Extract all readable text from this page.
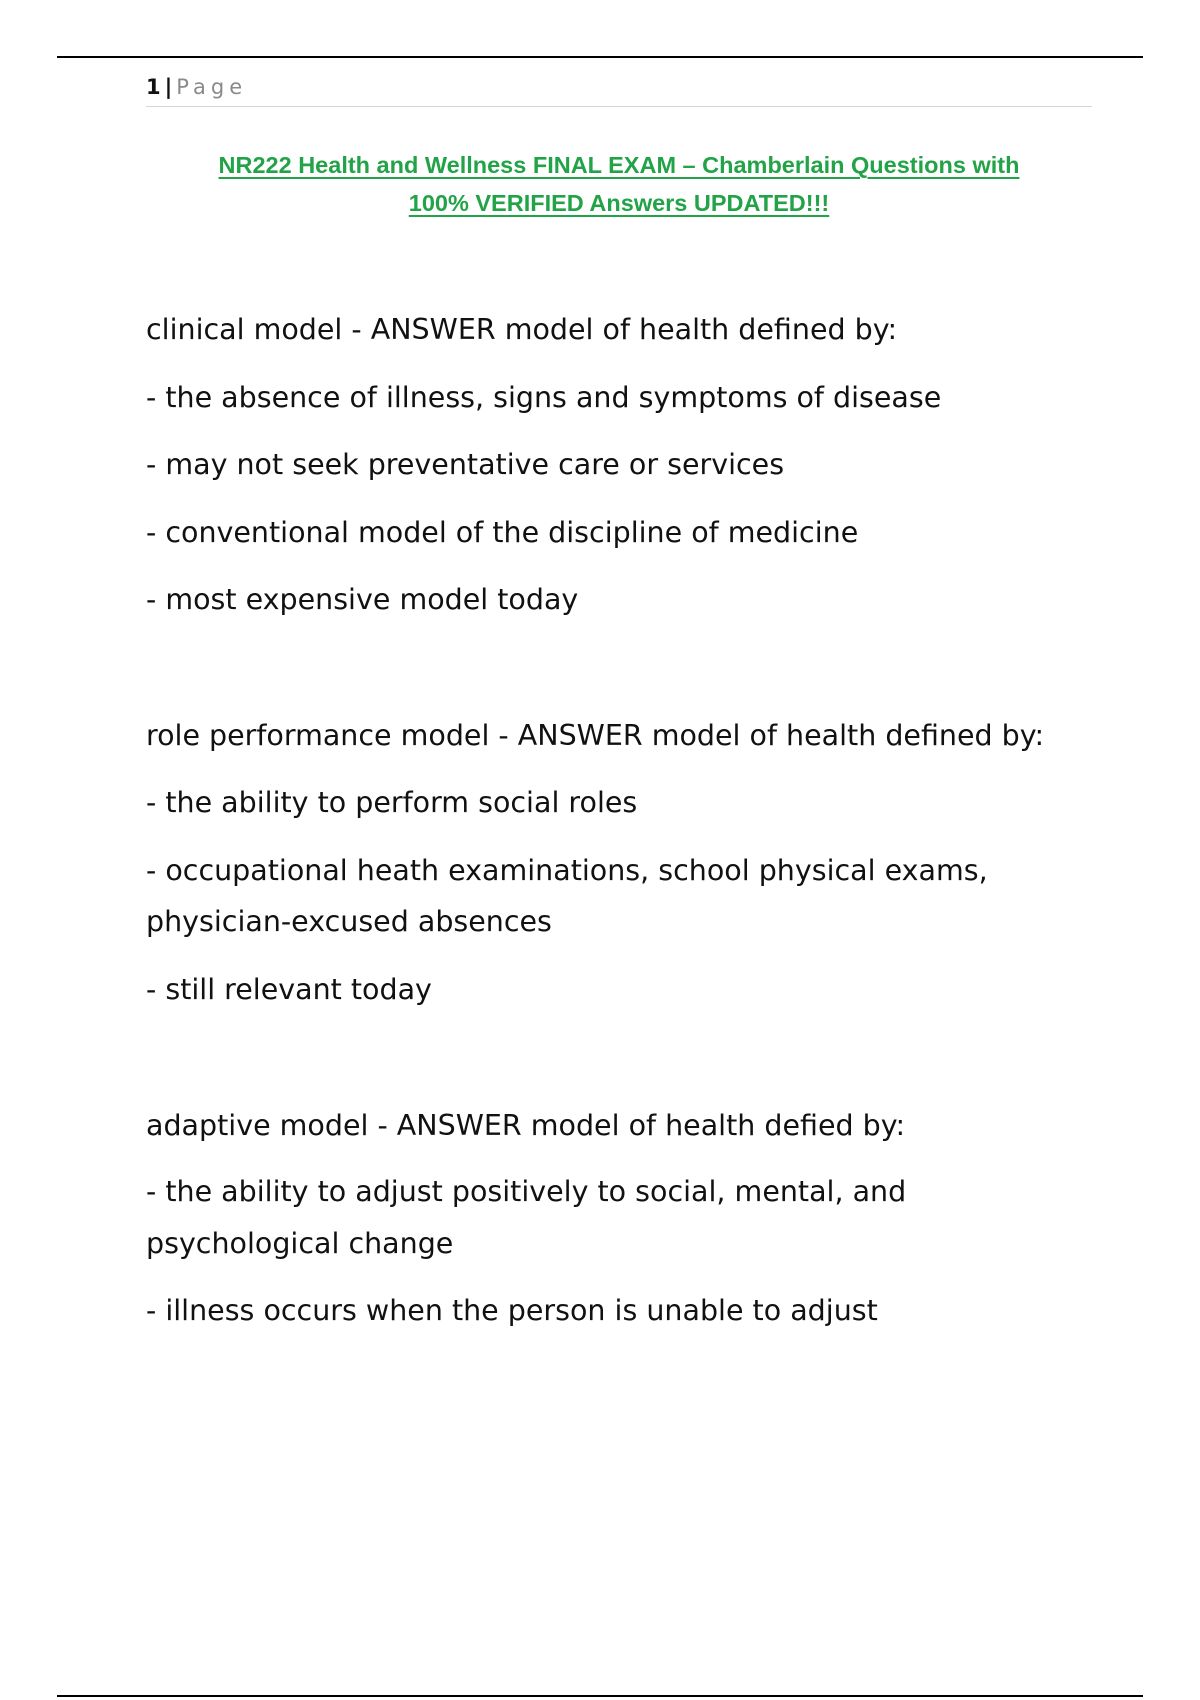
1 | Page
NR222 Health and Wellness FINAL EXAM – Chamberlain Questions with
100% VERIFIED Answers UPDATED!!!

clinical model - ANSWER model of health defined by:

- the absence of illness, signs and symptoms of disease

- may not seek preventative care or services

- conventional model of the discipline of medicine

- most expensive model today

role performance model - ANSWER model of health defined by:

- the ability to perform social roles

- occupational heath examinations, school physical exams,

physician-excused absences

- still relevant today

adaptive model - ANSWER model of health defied by:

- the ability to adjust positively to social, mental, and

psychological change

- illness occurs when the person is unable to adjust
